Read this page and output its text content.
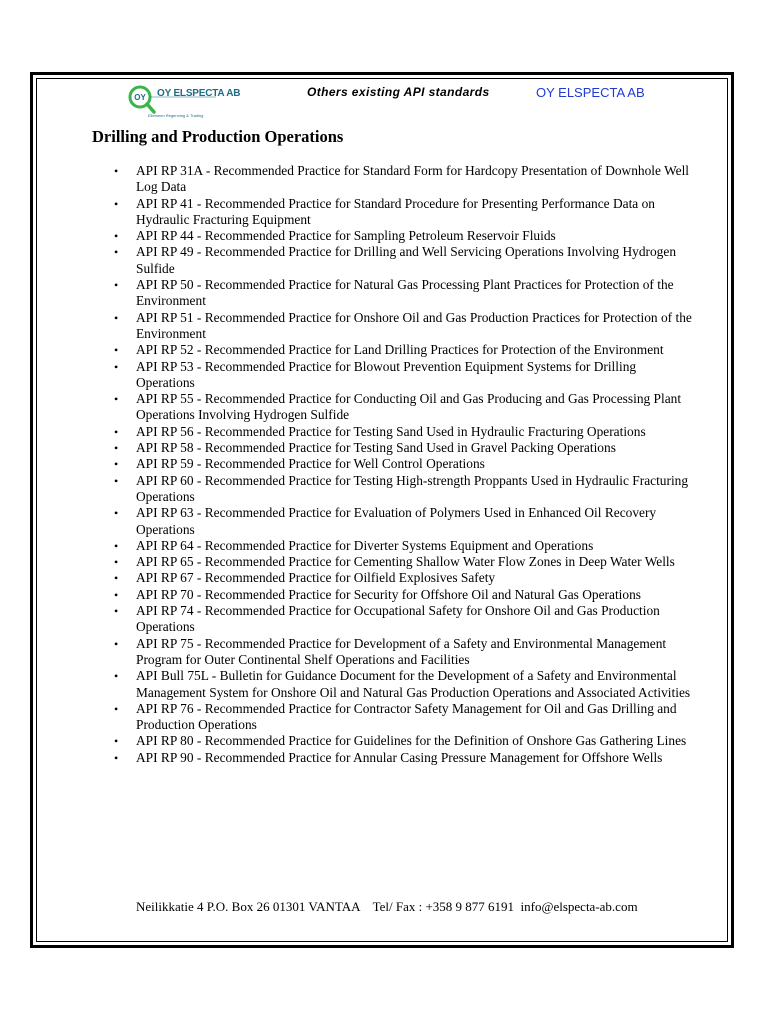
OY OY ELSPECTA AB
Ellemeen Regenning & Trading
Others existing API standards	OY ELSPECTA AB
Drilling and Production Operations
• API RP 31A - Recommended Practice for Standard Form for Hardcopy Presentation of Downhole Well Log Data
• API RP 41 - Recommended Practice for Standard Procedure for Presenting Performance Data on Hydraulic Fracturing Equipment
• API RP 44 - Recommended Practice for Sampling Petroleum Reservoir Fluids
• API RP 49 - Recommended Practice for Drilling and Well Servicing Operations Involving Hydrogen Sulfide
• API RP 50 - Recommended Practice for Natural Gas Processing Plant Practices for Protection of the Environment
• API RP 51 - Recommended Practice for Onshore Oil and Gas Production Practices for Protection of the Environment
• API RP 52 - Recommended Practice for Land Drilling Practices for Protection of the Environment
• API RP 53 - Recommended Practice for Blowout Prevention Equipment Systems for Drilling Operations
• API RP 55 - Recommended Practice for Conducting Oil and Gas Producing and Gas Processing Plant Operations Involving Hydrogen Sulfide
• API RP 56 - Recommended Practice for Testing Sand Used in Hydraulic Fracturing Operations
• API RP 58 - Recommended Practice for Testing Sand Used in Gravel Packing Operations
• API RP 59 - Recommended Practice for Well Control Operations
• API RP 60 - Recommended Practice for Testing High-strength Proppants Used in Hydraulic Fracturing Operations
• API RP 63 - Recommended Practice for Evaluation of Polymers Used in Enhanced Oil Recovery Operations
• API RP 64 - Recommended Practice for Diverter Systems Equipment and Operations
• API RP 65 - Recommended Practice for Cementing Shallow Water Flow Zones in Deep Water Wells
• API RP 67 - Recommended Practice for Oilfield Explosives Safety
• API RP 70 - Recommended Practice for Security for Offshore Oil and Natural Gas Operations
• API RP 74 - Recommended Practice for Occupational Safety for Onshore Oil and Gas Production Operations
• API RP 75 - Recommended Practice for Development of a Safety and Environmental Management Program for Outer Continental Shelf Operations and Facilities
• API Bull 75L - Bulletin for Guidance Document for the Development of a Safety and Environmental Management System for Onshore Oil and Natural Gas Production Operations and Associated Activities
• API RP 76 - Recommended Practice for Contractor Safety Management for Oil and Gas Drilling and Production Operations
• API RP 80 - Recommended Practice for Guidelines for the Definition of Onshore Gas Gathering Lines
• API RP 90 - Recommended Practice for Annular Casing Pressure Management for Offshore Wells
Neilikkatie 4 P.O. Box 26 01301 VANTAA    Tel/ Fax : +358 9 877 6191  info@elspecta-ab.com
